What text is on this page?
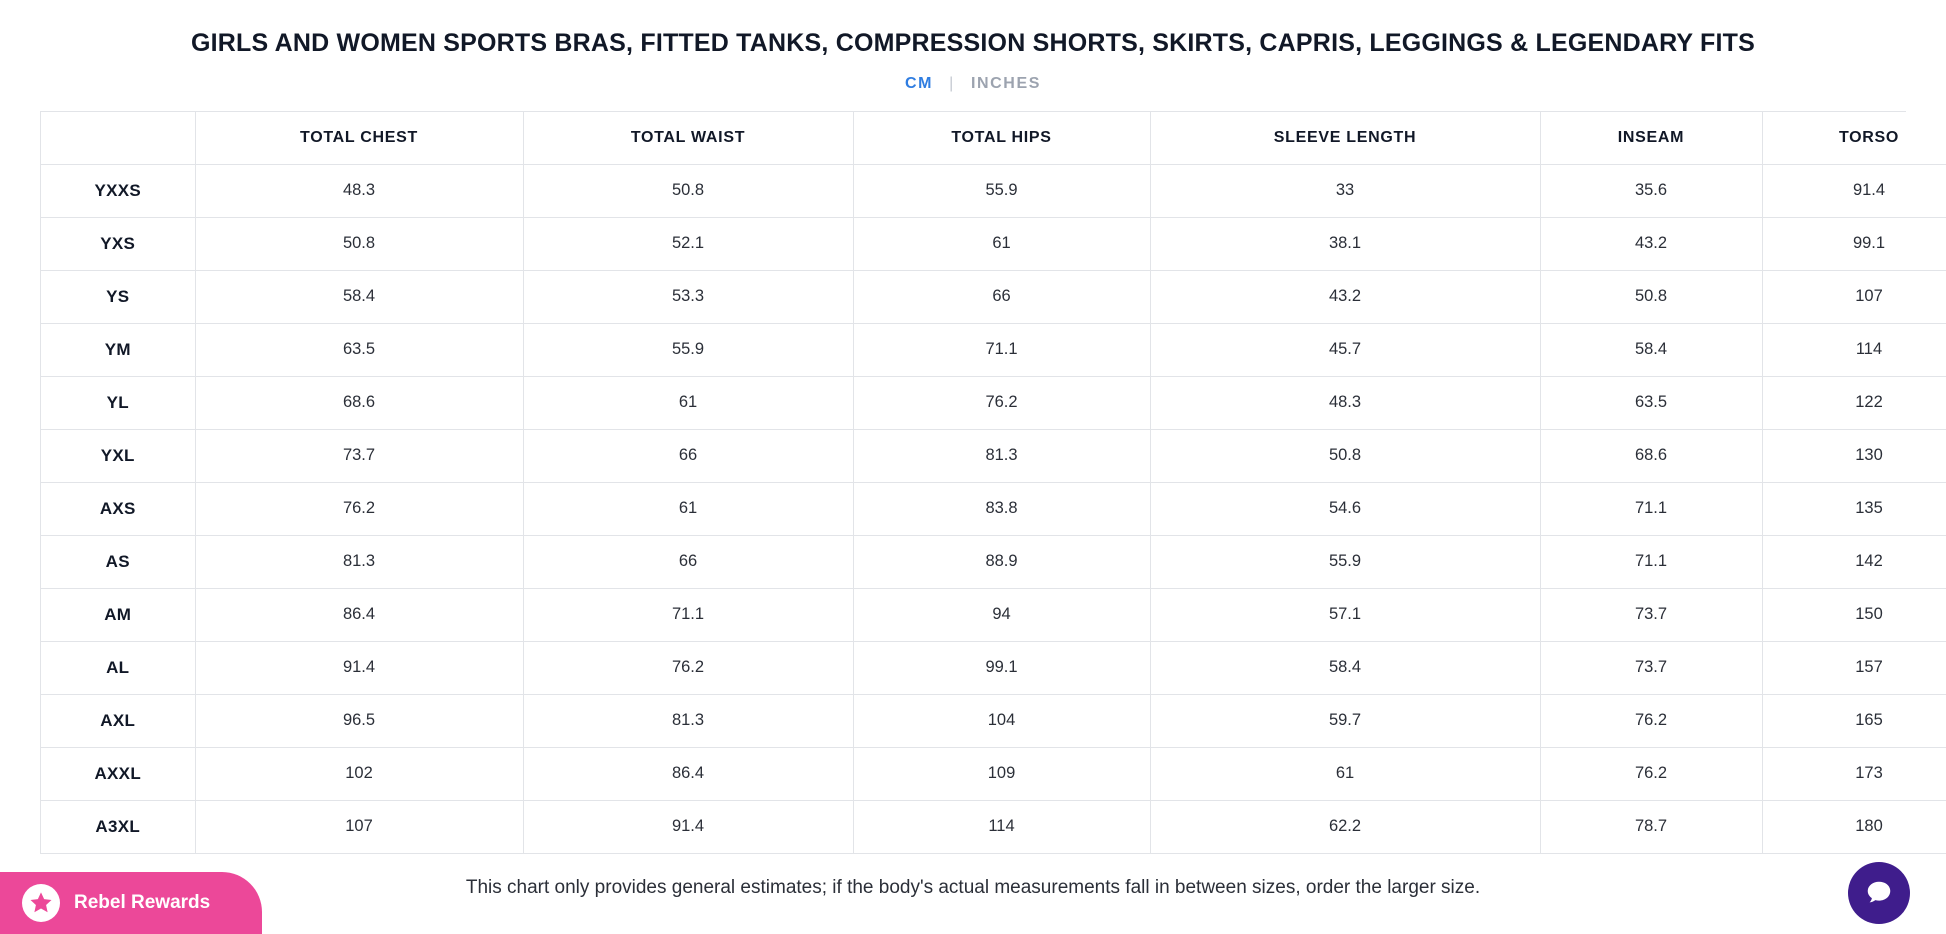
GIRLS AND WOMEN SPORTS BRAS, FITTED TANKS, COMPRESSION SHORTS, SKIRTS, CAPRIS, LEGGINGS & LEGENDARY FITS
CM | INCHES
	TOTAL CHEST	TOTAL WAIST	TOTAL HIPS	SLEEVE LENGTH	INSEAM	TORSO
YXXS	48.3	50.8	55.9	33	35.6	91.4
YXS	50.8	52.1	61	38.1	43.2	99.1
YS	58.4	53.3	66	43.2	50.8	107
YM	63.5	55.9	71.1	45.7	58.4	114
YL	68.6	61	76.2	48.3	63.5	122
YXL	73.7	66	81.3	50.8	68.6	130
AXS	76.2	61	83.8	54.6	71.1	135
AS	81.3	66	88.9	55.9	71.1	142
AM	86.4	71.1	94	57.1	73.7	150
AL	91.4	76.2	99.1	58.4	73.7	157
AXL	96.5	81.3	104	59.7	76.2	165
AXXL	102	86.4	109	61	76.2	173
A3XL	107	91.4	114	62.2	78.7	180
This chart only provides general estimates; if the body's actual measurements fall in between sizes, order the larger size.
Rebel Rewards
